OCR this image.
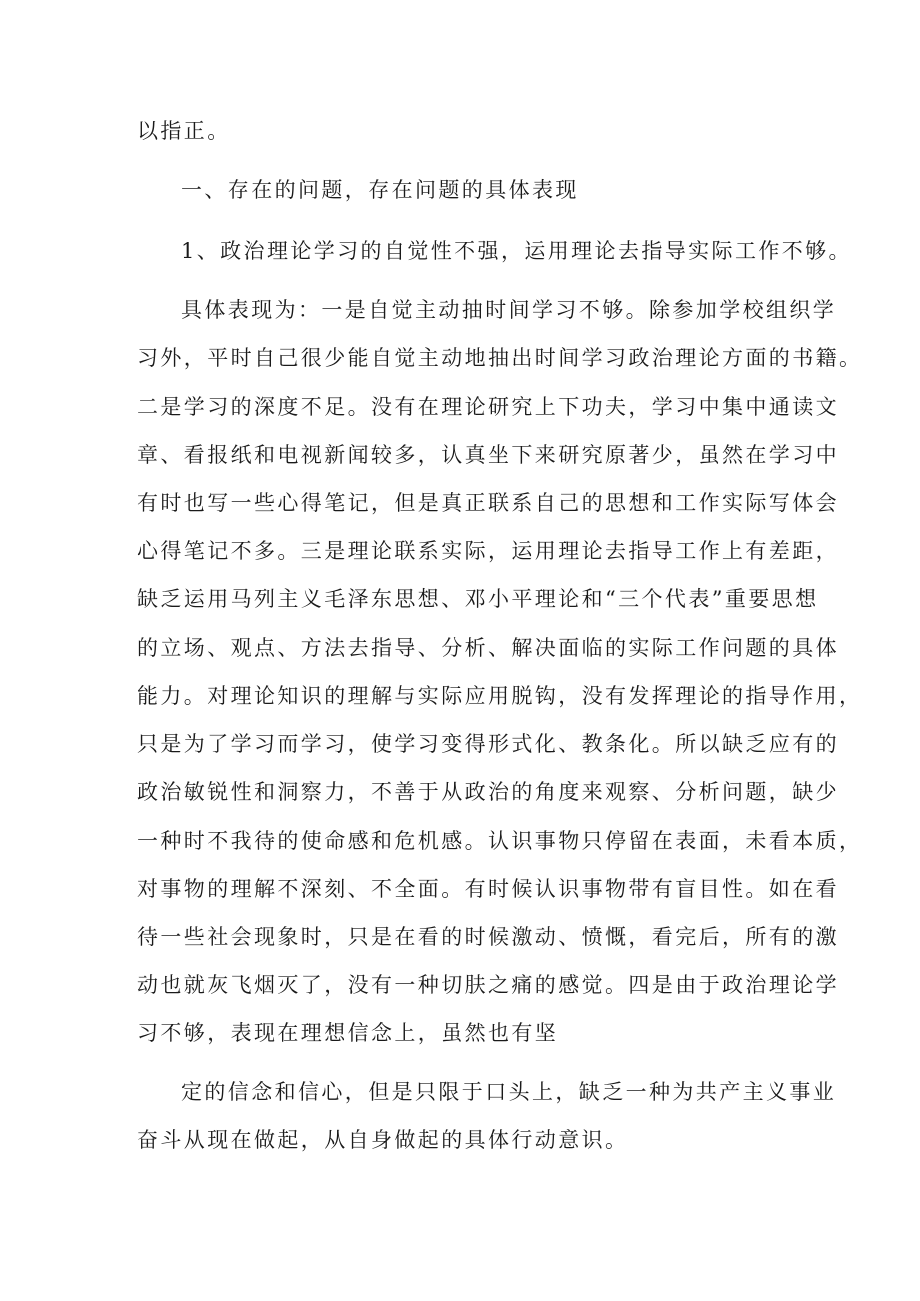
以指正。
一、存在的问题，存在问题的具体表现
1、政治理论学习的自觉性不强，运用理论去指导实际工作不够。
具体表现为：一是自觉主动抽时间学习不够。除参加学校组织学
习外，平时自己很少能自觉主动地抽出时间学习政治理论方面的书籍。
二是学习的深度不足。没有在理论研究上下功夫，学习中集中通读文
章、看报纸和电视新闻较多，认真坐下来研究原著少，虽然在学习中
有时也写一些心得笔记，但是真正联系自己的思想和工作实际写体会
心得笔记不多。三是理论联系实际，运用理论去指导工作上有差距，
缺乏运用马列主义毛泽东思想、邓小平理论和“三个代表”重要思想
的立场、观点、方法去指导、分析、解决面临的实际工作问题的具体
能力。对理论知识的理解与实际应用脱钩，没有发挥理论的指导作用，
只是为了学习而学习，使学习变得形式化、教条化。所以缺乏应有的
政治敏锐性和洞察力，不善于从政治的角度来观察、分析问题，缺少
一种时不我待的使命感和危机感。认识事物只停留在表面，未看本质，
对事物的理解不深刻、不全面。有时候认识事物带有盲目性。如在看
待一些社会现象时，只是在看的时候激动、愤慨，看完后，所有的激
动也就灰飞烟灭了，没有一种切肤之痛的感觉。四是由于政治理论学
习不够，表现在理想信念上，虽然也有坚
定的信念和信心，但是只限于口头上，缺乏一种为共产主义事业
奋斗从现在做起，从自身做起的具体行动意识。
